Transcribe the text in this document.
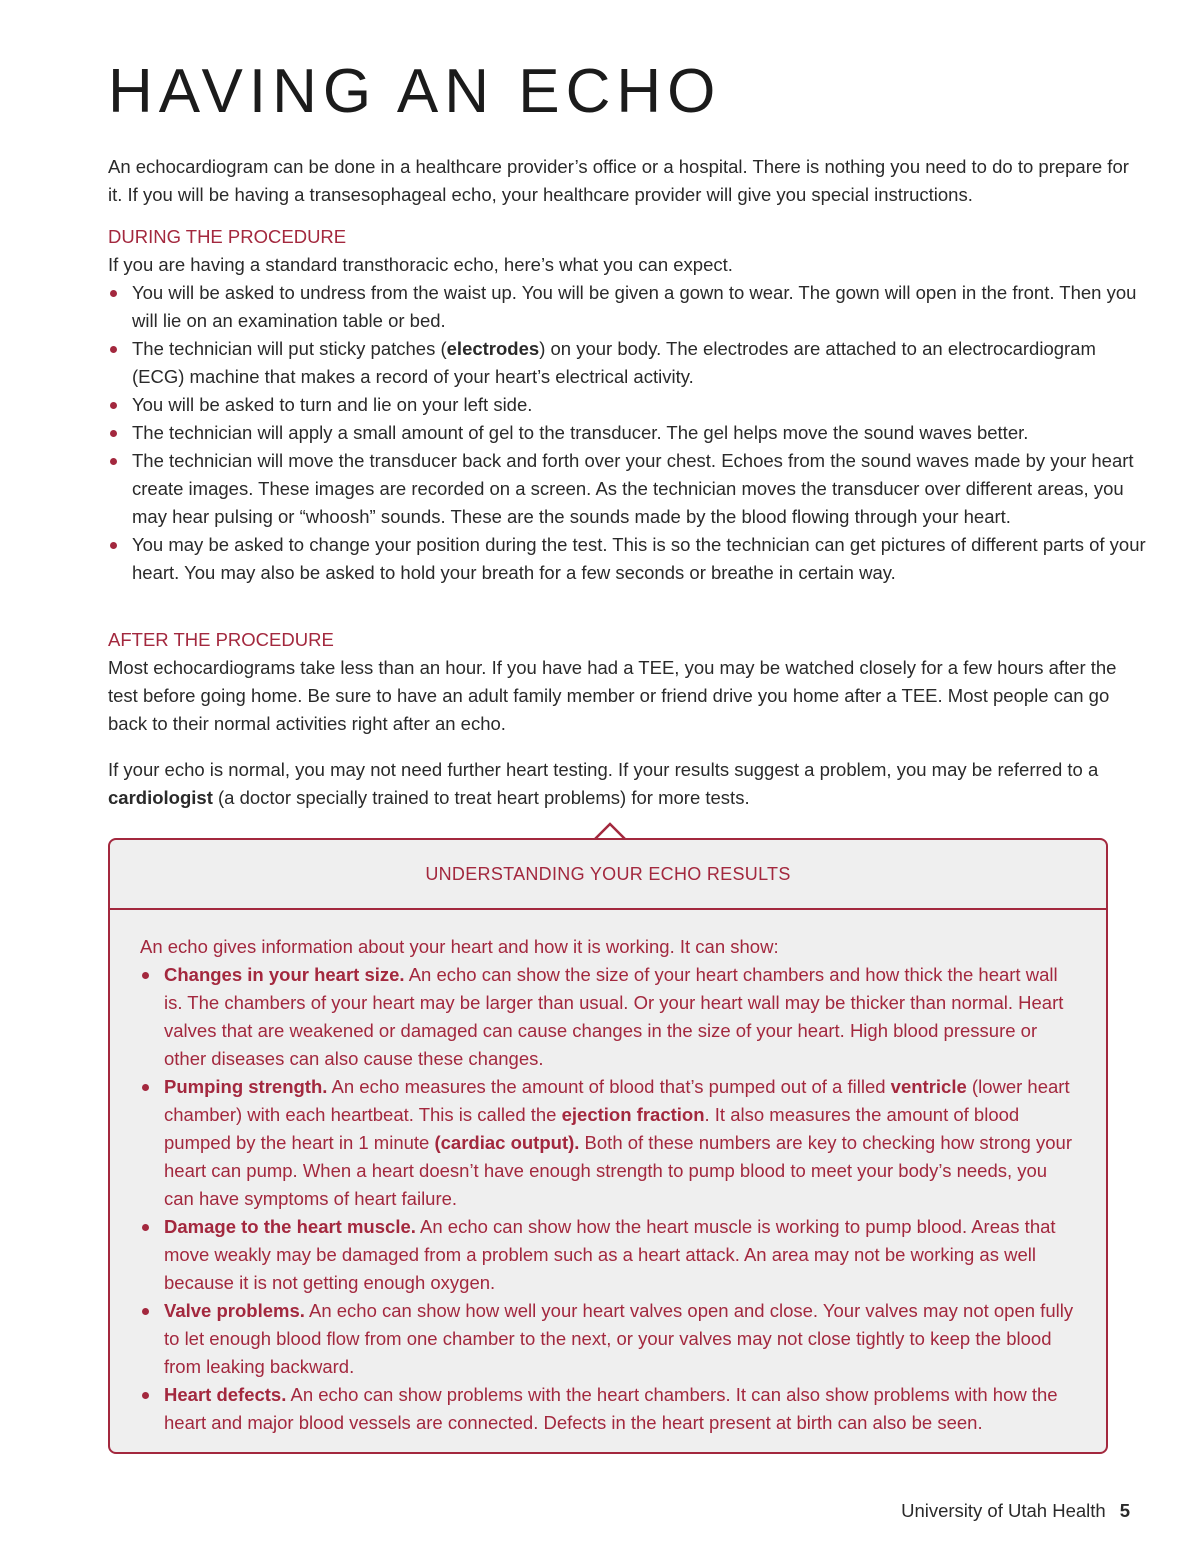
HAVING AN ECHO

An echocardiogram can be done in a healthcare provider’s office or a hospital. There is nothing you need to do to prepare for it. If you will be having a transesophageal echo, your healthcare provider will give you special instructions.

DURING THE PROCEDURE

If you are having a standard transthoracic echo, here’s what you can expect.

You will be asked to undress from the waist up. You will be given a gown to wear. The gown will open in the front. Then you will lie on an examination table or bed.
The technician will put sticky patches (electrodes) on your body. The electrodes are attached to an electrocardiogram (ECG) machine that makes a record of your heart’s electrical activity.
You will be asked to turn and lie on your left side.
The technician will apply a small amount of gel to the transducer. The gel helps move the sound waves better.
The technician will move the transducer back and forth over your chest. Echoes from the sound waves made by your heart create images. These images are recorded on a screen. As the technician moves the transducer over different areas, you may hear pulsing or “whoosh” sounds. These are the sounds made by the blood flowing through your heart.
You may be asked to change your position during the test. This is so the technician can get pictures of different parts of your heart. You may also be asked to hold your breath for a few seconds or breathe in certain way.

AFTER THE PROCEDURE

Most echocardiograms take less than an hour. If you have had a TEE, you may be watched closely for a few hours after the test before going home. Be sure to have an adult family member or friend drive you home after a TEE. Most people can go back to their normal activities right after an echo.

If your echo is normal, you may not need further heart testing. If your results suggest a problem, you may be referred to a cardiologist (a doctor specially trained to treat heart problems) for more tests.

UNDERSTANDING YOUR ECHO RESULTS

An echo gives information about your heart and how it is working. It can show:

Changes in your heart size. An echo can show the size of your heart chambers and how thick the heart wall is. The chambers of your heart may be larger than usual. Or your heart wall may be thicker than normal. Heart valves that are weakened or damaged can cause changes in the size of your heart. High blood pressure or other diseases can also cause these changes.
Pumping strength. An echo measures the amount of blood that’s pumped out of a filled ventricle (lower heart chamber) with each heartbeat. This is called the ejection fraction. It also measures the amount of blood pumped by the heart in 1 minute (cardiac output). Both of these numbers are key to checking how strong your heart can pump. When a heart doesn’t have enough strength to pump blood to meet your body’s needs, you can have symptoms of heart failure.
Damage to the heart muscle. An echo can show how the heart muscle is working to pump blood. Areas that move weakly may be damaged from a problem such as a heart attack. An area may not be working as well because it is not getting enough oxygen.
Valve problems. An echo can show how well your heart valves open and close. Your valves may not open fully to let enough blood flow from one chamber to the next, or your valves may not close tightly to keep the blood from leaking backward.
Heart defects. An echo can show problems with the heart chambers. It can also show problems with how the heart and major blood vessels are connected. Defects in the heart present at birth can also be seen.
University of Utah Health 5
